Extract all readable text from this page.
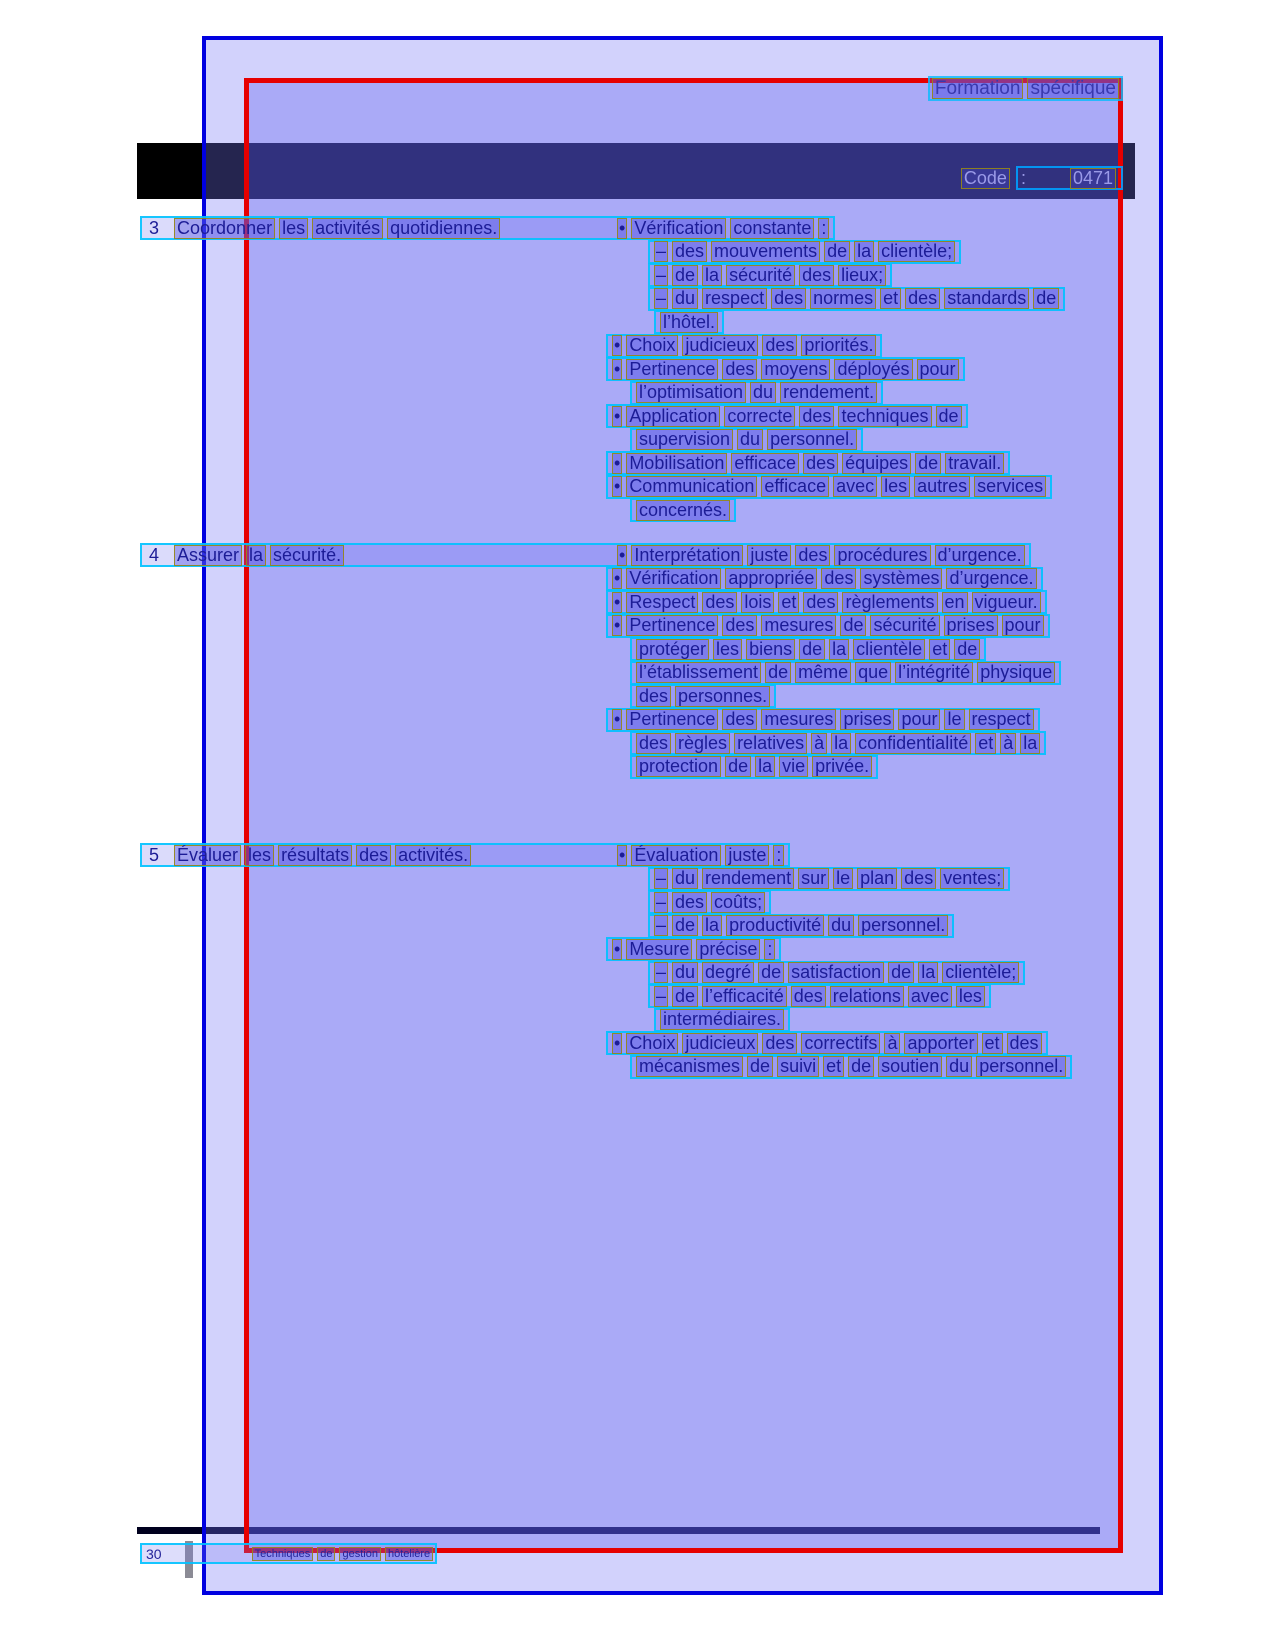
Formation spécifique
Code :	0471
3 Coordonner les activités quotidiennes.	• Vérification constante :
– des mouvements de la clientèle;
– de la sécurité des lieux;
– du respect des normes et des standards de
l’hôtel.
• Choix judicieux des priorités.
• Pertinence des moyens déployés pour
l’optimisation du rendement.
• Application correcte des techniques de
supervision du personnel.
• Mobilisation efficace des équipes de travail.
• Communication efficace avec les autres services
concernés.
4 Assurer la sécurité.	• Interprétation juste des procédures d’urgence.
• Vérification appropriée des systèmes d’urgence.
• Respect des lois et des règlements en vigueur.
• Pertinence des mesures de sécurité prises pour
protéger les biens de la clientèle et de
l’établissement de même que l’intégrité physique
des personnes.
• Pertinence des mesures prises pour le respect
des règles relatives à la confidentialité et à la
protection de la vie privée.
5 Évaluer les résultats des activités.	• Évaluation juste :
– du rendement sur le plan des ventes;
– des coûts;
– de la productivité du personnel.
• Mesure précise :
– du degré de satisfaction de la clientèle;
– de l’efficacité des relations avec les
intermédiaires.
• Choix judicieux des correctifs à apporter et des
mécanismes de suivi et de soutien du personnel.
30	Techniques de gestion hôtelière
